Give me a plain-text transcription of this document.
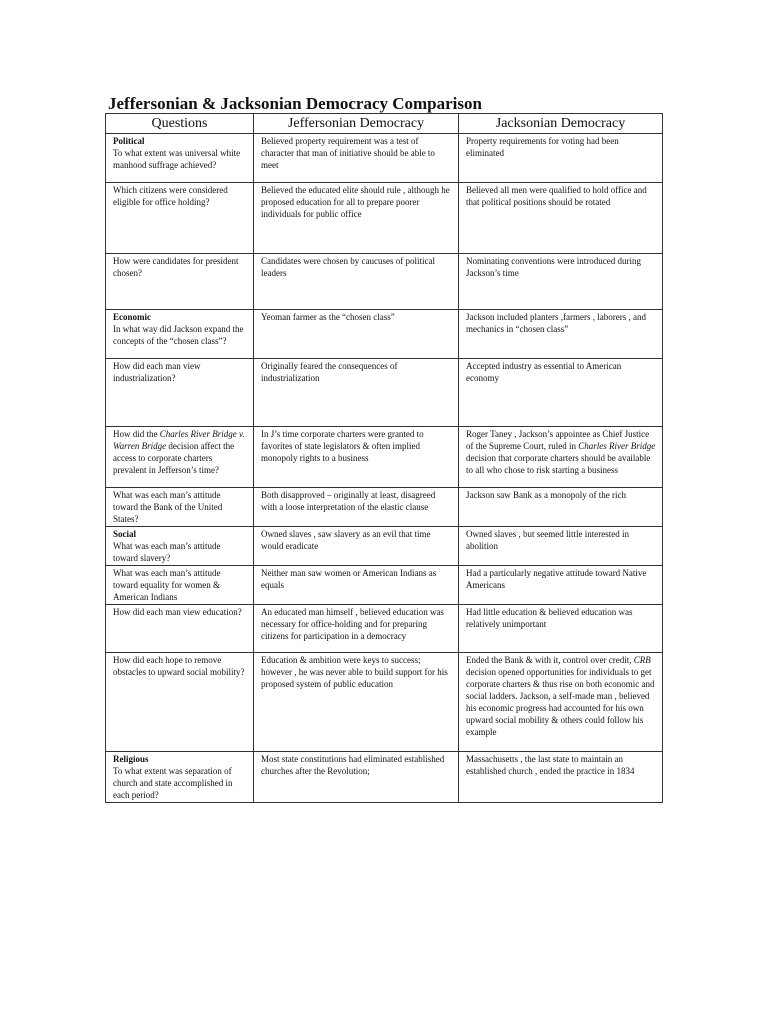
Jeffersonian & Jacksonian Democracy Comparison
Questions	Jeffersonian Democracy	Jacksonian Democracy

Political
To what extent was universal white manhood suffrage achieved?	Believed property requirement was a test of character that man of initiative should be able to meet	Property requirements for voting had been eliminated
Which citizens were considered eligible for office holding?	Believed the educated elite should rule , although he proposed education for all to prepare poorer individuals for public office	Believed all men were qualified to hold office and that political positions should be rotated
How were candidates for president chosen?	Candidates were chosen by caucuses of political leaders	Nominating conventions were introduced during Jackson’s time

Economic
In what way did Jackson expand the concepts of the “chosen class”?	Yeoman farmer as the “chosen class”	Jackson included planters ,farmers , laborers , and mechanics in “chosen class”
How did each man view industrialization?	Originally feared the consequences of industrialization	Accepted industry as essential to American economy
How did the Charles River Bridge v. Warren Bridge decision affect the access to corporate charters prevalent in Jefferson’s time?	In J’s time corporate charters were granted to favorites of state legislators & often implied monopoly rights to a business	Roger Taney , Jackson’s appointee as Chief Justice of the Supreme Court, ruled in Charles River Bridge decision that corporate charters should be available to all who chose to risk starting a business
What was each man’s attitude toward the Bank of the United States?	Both disapproved – originally at least, disagreed with a loose interpretation of the elastic clause	Jackson saw Bank as a monopoly of the rich

Social
What was each man’s attitude toward slavery?	Owned slaves , saw slavery as an evil that time would eradicate	Owned slaves , but seemed little interested in abolition
What was each man’s attitude toward equality for women & American Indians	Neither man saw women or American Indians as equals	Had a particularly negative attitude toward Native Americans
How did each man view education?	An educated man himself , believed education was necessary for office-holding and for preparing citizens for participation in a democracy	Had little education & believed education was relatively unimportant
How did each hope to remove obstacles to upward social mobility?	Education & ambition were keys to success; however , he was never able to build support for his proposed system of public education	Ended the Bank & with it, control over credit, CRB decision opened opportunities for individuals to get corporate charters & thus rise on both economic and social ladders. Jackson, a self-made man , believed his economic progress had accounted for his own upward social mobility & others could follow his example

Religious
To what extent was separation of church and state accomplished in each period?	Most state constitutions had eliminated established churches after the Revolution;	Massachusetts , the last state to maintain an established church , ended the practice in 1834
